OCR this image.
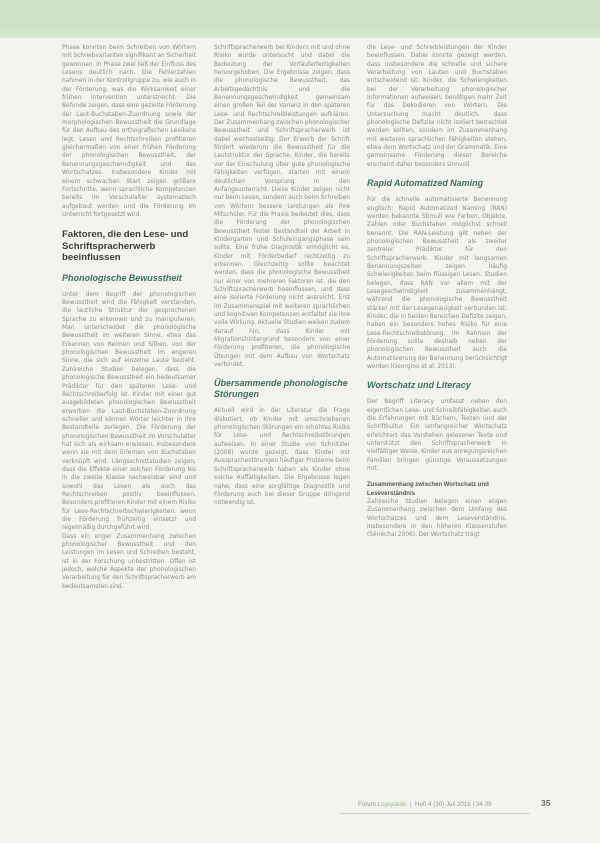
Phase konnten beim Schreiben von Wörtern mit Schreibvarianten signifikant an Sicherheit gewonnen. In Phase zwei ließ der Einfluss des Lesens deutlich nach. Die Fehlerzahlen nahmen in der Kontrollgruppe zu, wie auch in der Förderung, was die Wirksamkeit einer frühen Intervention unterstreicht. Die Befunde zeigen, dass eine gezielte Förderung der Laut-Buchstaben-Zuordnung sowie der morphologischen Bewusstheit die Grundlage für den Aufbau des orthografischen Lexikons legt. Lesen und Rechtschreiben profitieren gleichermaßen von einer frühen Förderung der phonologischen Bewusstheit, der Benennungsgeschwindigkeit und des Wortschatzes. Insbesondere Kinder mit einem schwachen Start zeigen größere Fortschritte, wenn sprachliche Kompetenzen bereits im Vorschulalter systematisch aufgebaut werden und die Förderung im Unterricht fortgesetzt wird.

Faktoren, die den Lese- und Schriftspracherwerb beeinflussen
Phonologische Bewusstheit

Unter dem Begriff der phonologischen Bewusstheit wird die Fähigkeit verstanden, die lautliche Struktur der gesprochenen Sprache zu erkennen und zu manipulieren. Man unterscheidet die phonologische Bewusstheit im weiteren Sinne, etwa das Erkennen von Reimen und Silben, von der phonologischen Bewusstheit im engeren Sinne, die sich auf einzelne Laute bezieht. Zahlreiche Studien belegen, dass die phonologische Bewusstheit ein bedeutsamer Prädiktor für den späteren Lese- und Rechtschreiberfolg ist. Kinder mit einer gut ausgebildeten phonologischen Bewusstheit erwerben die Laut-Buchstaben-Zuordnung schneller und können Wörter leichter in ihre Bestandteile zerlegen. Die Förderung der phonologischen Bewusstheit im Vorschulalter hat sich als wirksam erwiesen, insbesondere wenn sie mit dem Erlernen von Buchstaben verknüpft wird. Längsschnittstudien zeigen, dass die Effekte einer solchen Förderung bis in die zweite Klasse nachweisbar sind und sowohl das Lesen als auch das Rechtschreiben positiv beeinflussen. Besonders profitieren Kinder mit einem Risiko für Lese-Rechtschreibschwierigkeiten, wenn die Förderung frühzeitig einsetzt und regelmäßig durchgeführt wird.

Dass ein enger Zusammenhang zwischen phonologischer Bewusstheit und den Leistungen im Lesen und Schreiben besteht, ist in der Forschung unbestritten. Offen ist jedoch, welche Aspekte der phonologischen Verarbeitung für den Schriftspracherwerb am bedeutsamsten sind.

Schriftspracherwerb bei Kindern mit und ohne Risiko wurde untersucht und dabei die Bedeutung der Vorläuferfertigkeiten hervorgehoben. Die Ergebnisse zeigen, dass die phonologische Bewusstheit, das Arbeitsgedächtnis und die Benennungsgeschwindigkeit gemeinsam einen großen Teil der Varianz in den späteren Lese- und Rechtschreibleistungen aufklären. Der Zusammenhang zwischen phonologischer Bewusstheit und Schriftspracherwerb ist dabei wechselseitig: Der Erwerb der Schrift fördert wiederum die Bewusstheit für die Lautstruktur der Sprache. Kinder, die bereits vor der Einschulung über gute phonologische Fähigkeiten verfügen, starten mit einem deutlichen Vorsprung in den Anfangsunterricht. Diese Kinder zeigen nicht nur beim Lesen, sondern auch beim Schreiben von Wörtern bessere Leistungen als ihre Mitschüler. Für die Praxis bedeutet dies, dass die Förderung der phonologischen Bewusstheit fester Bestandteil der Arbeit in Kindergarten und Schuleingangsphase sein sollte. Eine frühe Diagnostik ermöglicht es, Kinder mit Förderbedarf rechtzeitig zu erkennen. Gleichzeitig sollte beachtet werden, dass die phonologische Bewusstheit nur einer von mehreren Faktoren ist, die den Schriftspracherwerb beeinflussen, und dass eine isolierte Förderung nicht ausreicht. Erst im Zusammenspiel mit weiteren sprachlichen und kognitiven Kompetenzen entfaltet sie ihre volle Wirkung. Aktuelle Studien weisen zudem darauf hin, dass Kinder mit Migrationshintergrund besonders von einer Förderung profitieren, die phonologische Übungen mit dem Aufbau von Wortschatz verbindet.

Übersammende phonologische Störungen

Aktuell wird in der Literatur die Frage diskutiert, ob Kinder mit umschriebenen phonologischen Störungen ein erhöhtes Risiko für Lese- und Rechtschreibstörungen aufweisen. In einer Studie von Schnitzler (2008) wurde gezeigt, dass Kinder mit Aussprachestörungen häufiger Probleme beim Schriftspracherwerb haben als Kinder ohne solche Auffälligkeiten. Die Ergebnisse legen nahe, dass eine sorgfältige Diagnostik und Förderung auch bei dieser Gruppe dringend notwendig ist.

die Lese- und Schreibleistungen der Kinder beeinflussen. Dabei konnte gezeigt werden, dass insbesondere die schnelle und sichere Verarbeitung von Lauten und Buchstaben entscheidend ist. Kinder, die Schwierigkeiten bei der Verarbeitung phonologischer Informationen aufweisen, benötigen mehr Zeit für das Dekodieren von Wörtern. Die Untersuchung macht deutlich, dass phonologische Defizite nicht isoliert betrachtet werden sollten, sondern im Zusammenhang mit weiteren sprachlichen Fähigkeiten stehen, etwa dem Wortschatz und der Grammatik. Eine gemeinsame Förderung dieser Bereiche erscheint daher besonders sinnvoll.

Rapid Automatized Naming

Für die schnelle automatisierte Benennung englisch: Rapid Automatized Naming (RAN) werden bekannte Stimuli wie Farben, Objekte, Zahlen oder Buchstaben möglichst schnell benannt. Die RAN-Leistung gilt neben der phonologischen Bewusstheit als zweiter zentraler Prädiktor für den Schriftspracherwerb. Kinder mit langsamen Benennungszeiten zeigen häufig Schwierigkeiten beim flüssigen Lesen. Studien belegen, dass RAN vor allem mit der Lesegeschwindigkeit zusammenhängt, während die phonologische Bewusstheit stärker mit der Lesegenauigkeit verbunden ist. Kinder, die in beiden Bereichen Defizite zeigen, haben ein besonders hohes Risiko für eine Lese-Rechtschreibstörung. Im Rahmen der Förderung sollte deshalb neben der phonologischen Bewusstheit auch die Automatisierung der Benennung berücksichtigt werden (Georgiou et al. 2013).

Wortschatz und Literacy

Der Begriff Literacy umfasst neben den eigentlichen Lese- und Schreibfähigkeiten auch die Erfahrungen mit Büchern, Texten und der Schriftkultur. Ein umfangreicher Wortschatz erleichtert das Verstehen gelesener Texte und unterstützt den Schriftspracherwerb in vielfältiger Weise. Kinder aus anregungsreichen Familien bringen günstige Voraussetzungen mit.

Zusammenhang zwischen Wortschatz und Leseverständnis

Zahlreiche Studien belegen einen engen Zusammenhang zwischen dem Umfang des Wortschatzes und dem Leseverständnis, insbesondere in den höheren Klassenstufen (Sénéchal 2006). Der Wortschatz trägt

Forum Logopädie  |  Heft 4 (30) Juli 2016 | 34-39	35
